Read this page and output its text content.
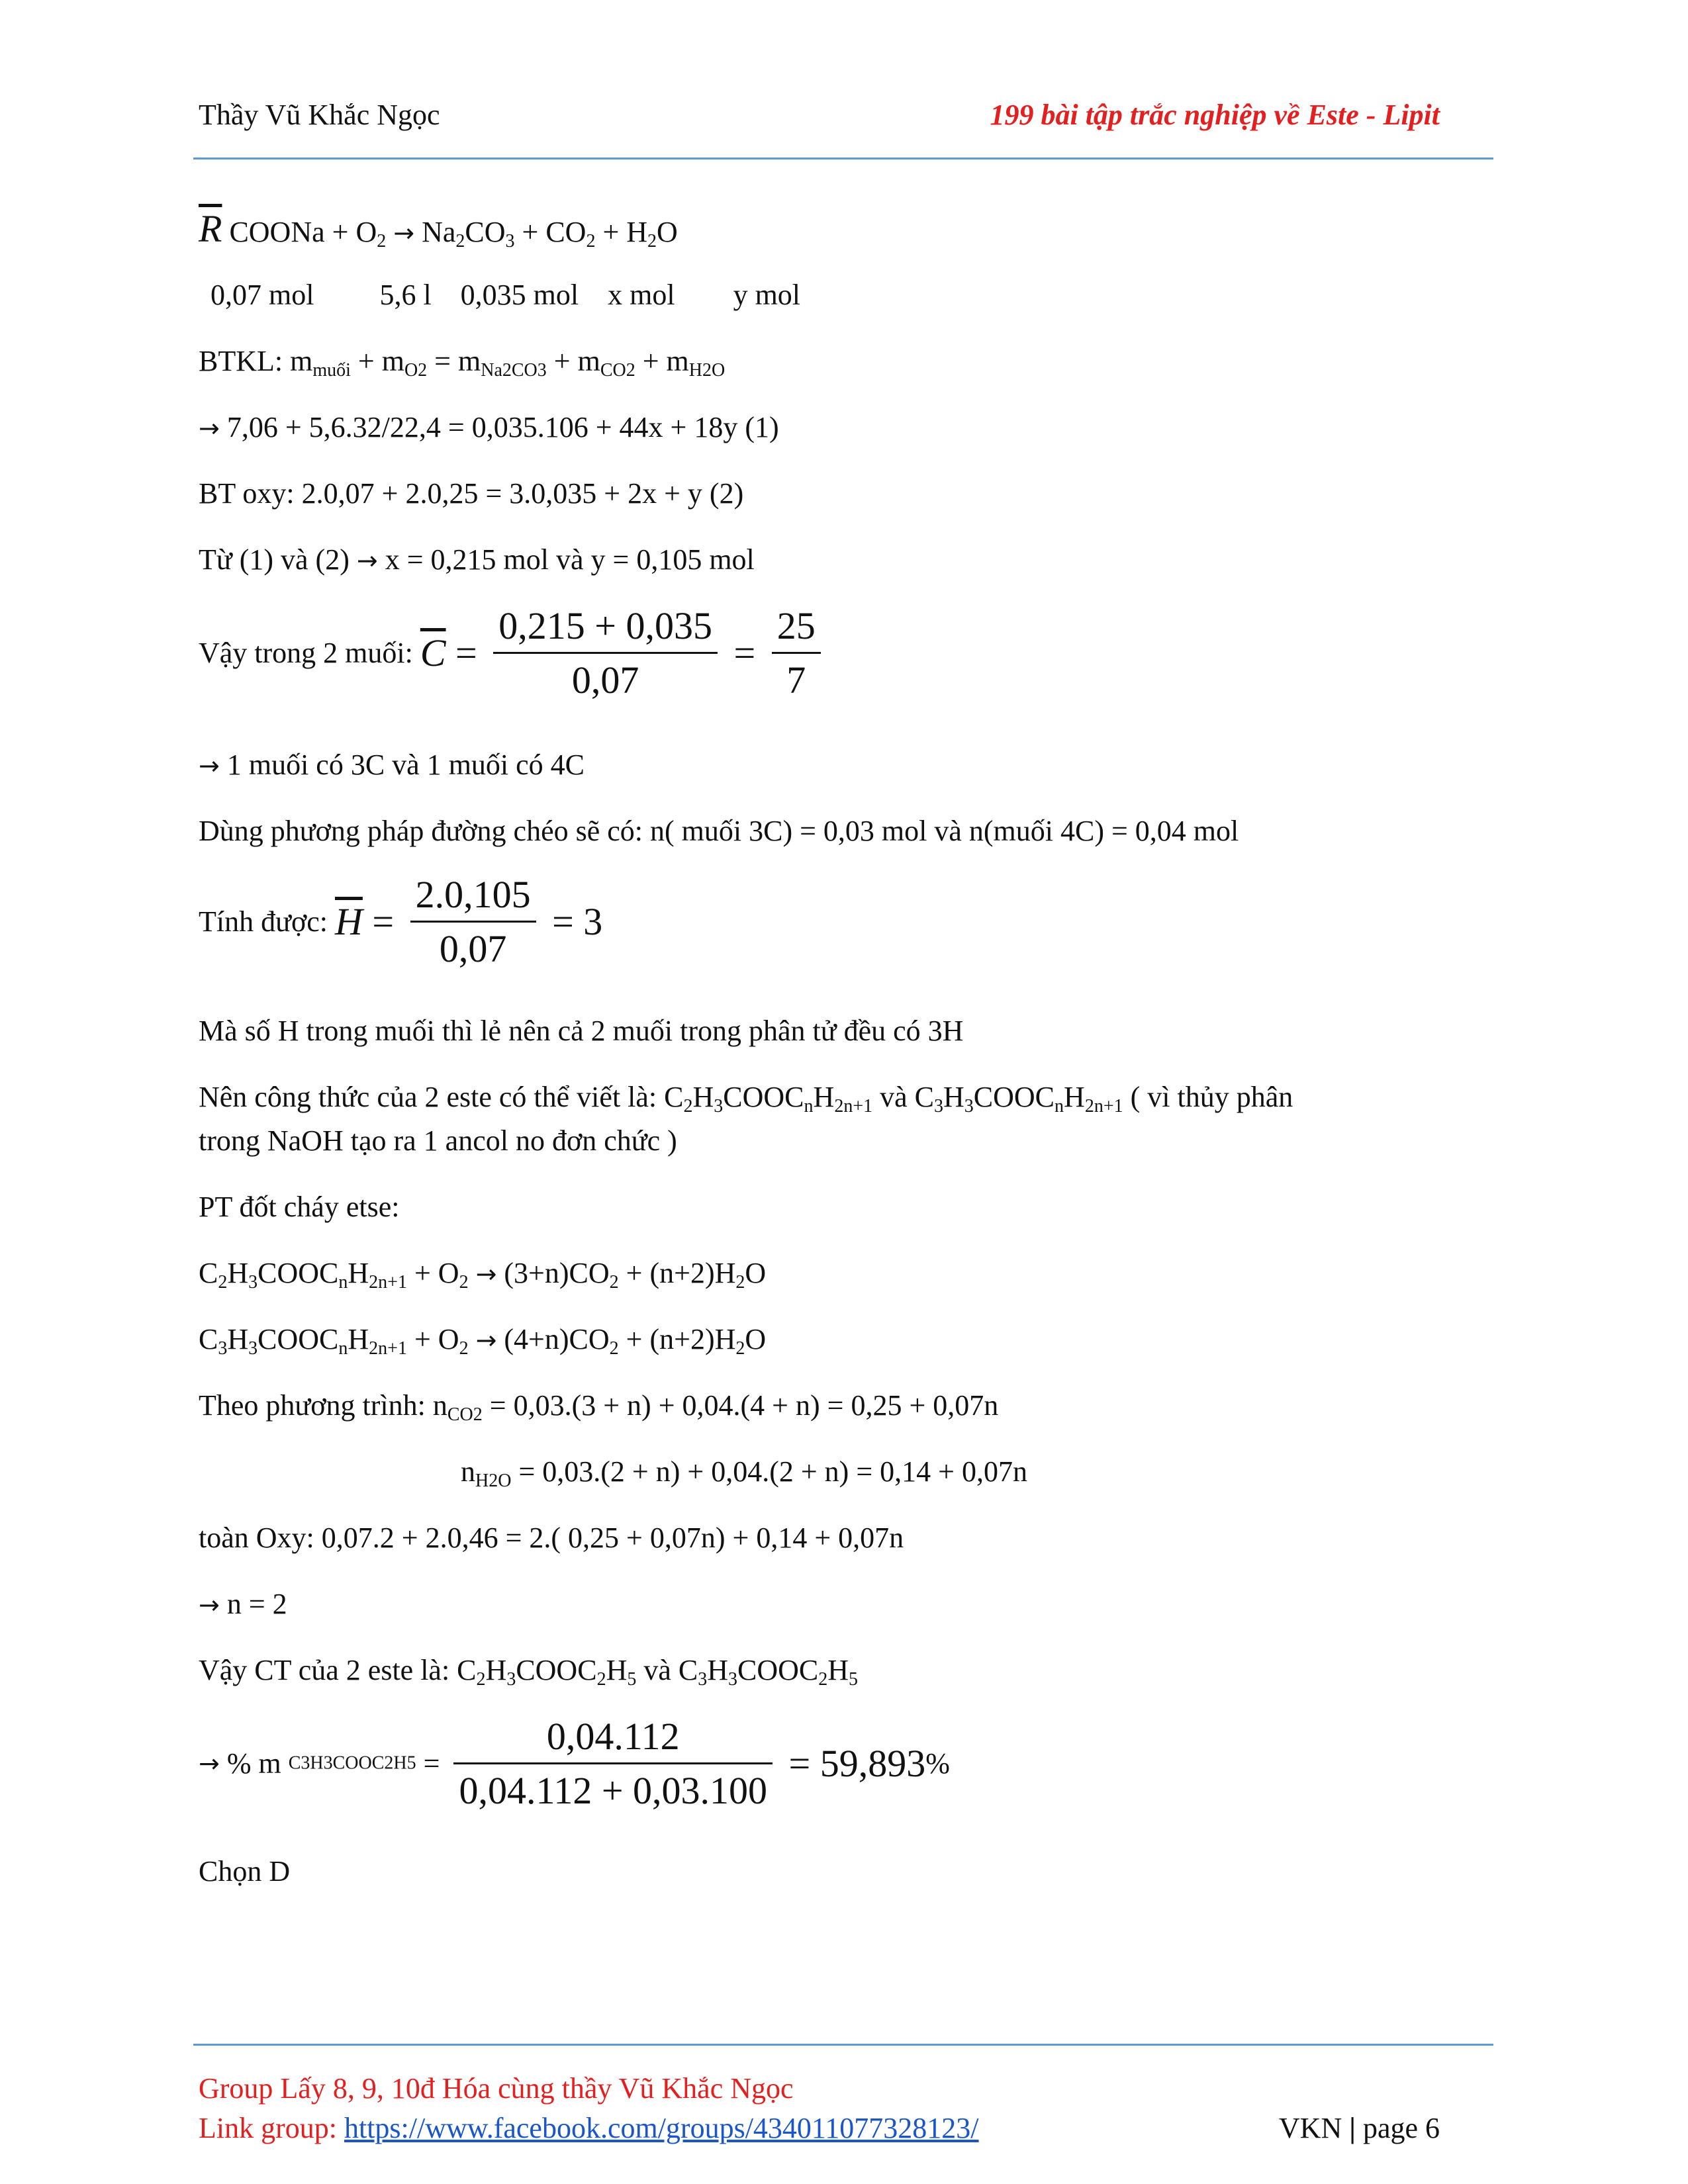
Thầy Vũ Khắc Ngọc	199 bài tập trắc nghiệp về Este - Lipit
$\overline{R}$ COONa + $O_2 \to Na_2CO_3 + CO_2 + H_2O$
0,07 mol         5,6 l    0,035 mol    x mol        y mol
BTKL: $m_{muối} + m_{O2} = m_{Na2CO3} + m_{CO2} + m_{H2O}$
→ 7,06 + 5,6.32/22,4 = 0,035.106 + 44x + 18y (1)
BT oxy: 2.0,07 + 2.0,25 = 3.0,035 + 2x + y (2)
Từ (1) và (2) → x = 0,215 mol và y = 0,105 mol
Vậy trong 2 muối: $\overline{C} = \frac{0,215 + 0,035}{0,07} = \frac{25}{7}$
→ 1 muối có 3C và 1 muối có 4C
Dùng phương pháp đường chéo sẽ có: n( muối 3C) = 0,03 mol và n(muối 4C) = 0,04 mol
Tính được: $\overline{H} = \frac{2.0,105}{0,07} = 3$
Mà số H trong muối thì lẻ nên cả 2 muối trong phân tử đều có 3H
Nên công thức của 2 este có thể viết là: $C_2H_3COOC_nH_{2n+1}$ và $C_3H_3COOC_nH_{2n+1}$ ( vì thủy phân
trong NaOH tạo ra 1 ancol no đơn chức )
PT đốt cháy etse:
$C_2H_3COOC_nH_{2n+1} + O_2 \to (3+n)CO_2 + (n+2)H_2O$
$C_3H_3COOC_nH_{2n+1} + O_2 \to (4+n)CO_2 + (n+2)H_2O$
Theo phương trình: $n_{CO2} = 0,03.(3 + n) + 0,04.(4 + n) = 0,25 + 0,07n$
$n_{H2O} = 0,03.(2 + n) + 0,04.(2 + n) = 0,14 + 0,07n$
toàn Oxy: 0,07.2 + 2.0,46 = 2.( 0,25 + 0,07n) + 0,14 + 0,07n
→ n = 2
Vậy CT của 2 este là: $C_2H_3COOC_2H_5$ và $C_3H_3COOC_2H_5$
→ % m C3H3COOC2H5 = $\frac{0,04.112}{0,04.112 + 0,03.100} = 59,893\%$
Chọn D
Group Lấy 8, 9, 10đ Hóa cùng thầy Vũ Khắc Ngọc
Link group: https://www.facebook.com/groups/434011077328123/	VKN | page 6
